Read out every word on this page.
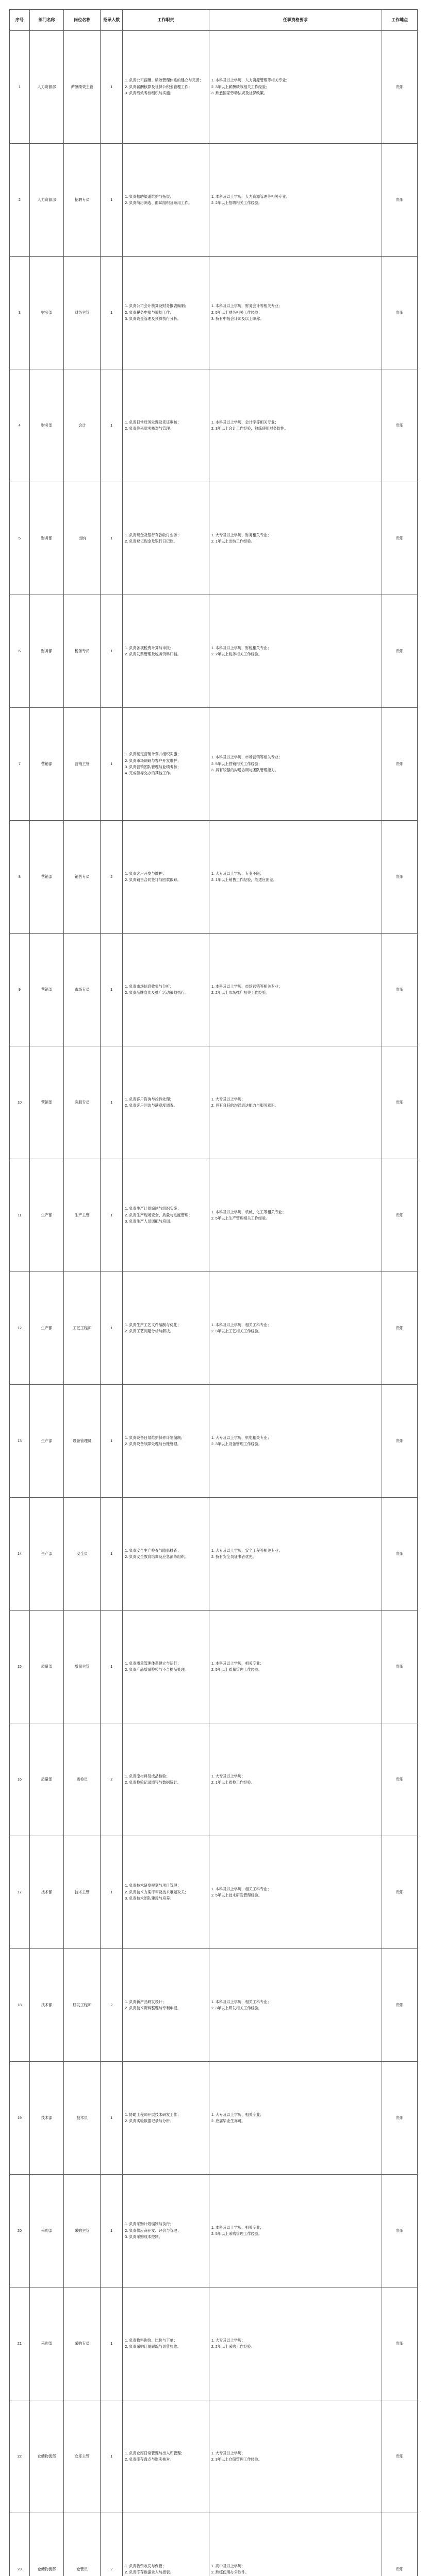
序号	部门名称	岗位名称	招录人数	工作职责	任职资格要求	工作地点
1	人力资源部	薪酬绩效主管	1	1. 负责公司薪酬、绩效管理体系的建立与完善；
2. 负责薪酬核算及社保公积金管理工作；
3. 负责绩效考核组织与实施。	1. 本科及以上学历，人力资源管理等相关专业；
2. 3年以上薪酬绩效相关工作经验；
3. 熟悉国家劳动法规及社保政策。	贵阳
2	人力资源部	招聘专员	1	1. 负责招聘渠道维护与拓展；
2. 负责简历筛选、面试组织及录用工作。	1. 本科及以上学历，人力资源管理等相关专业；
2. 2年以上招聘相关工作经验。	贵阳
3	财务部	财务主管	1	1. 负责公司会计核算及财务报表编制；
2. 负责税务申报与筹划工作；
3. 负责资金管理及预算执行分析。	1. 本科及以上学历，财务会计等相关专业；
2. 5年以上财务相关工作经验；
3. 持有中级会计师及以上职称。	贵阳
4	财务部	会计	1	1. 负责日常账务处理及凭证审核；
2. 负责往来款项核对与管理。	1. 本科及以上学历，会计学等相关专业；
2. 3年以上会计工作经验，熟练使用财务软件。	贵阳
5	财务部	出纳	1	1. 负责现金及银行存款收付业务；
2. 负责登记现金及银行日记账。	1. 大专及以上学历，财务相关专业；
2. 1年以上出纳工作经验。	贵阳
6	财务部	税务专员	1	1. 负责各项税费计算与申报；
2. 负责发票管理及税务资料归档。	1. 本科及以上学历，财税相关专业；
2. 2年以上税务相关工作经验。	贵阳
7	营销部	营销主管	1	1. 负责制定营销计划并组织实施；
2. 负责市场调研与客户开发维护；
3. 负责营销团队管理与业绩考核；
4. 完成领导交办的其他工作。	1. 本科及以上学历，市场营销等相关专业；
2. 5年以上营销相关工作经验；
3. 具有较强的沟通协调与团队管理能力。	贵阳
8	营销部	销售专员	2	1. 负责客户开发与维护；
2. 负责销售合同签订与回款跟踪。	1. 大专及以上学历，专业不限；
2. 1年以上销售工作经验，能适应出差。	贵阳
9	营销部	市场专员	1	1. 负责市场信息收集与分析；
2. 负责品牌宣传及推广活动策划执行。	1. 本科及以上学历，市场营销等相关专业；
2. 2年以上市场推广相关工作经验。	贵阳
10	营销部	客服专员	1	1. 负责客户咨询与投诉处理；
2. 负责客户回访与满意度调查。	1. 大专及以上学历；
2. 具有良好的沟通表达能力与服务意识。	贵阳
11	生产部	生产主管	1	1. 负责生产计划编制与组织实施；
2. 负责生产现场安全、质量与进度管理；
3. 负责生产人员调配与培训。	1. 本科及以上学历，机械、化工等相关专业；
2. 5年以上生产管理相关工作经验。	贵阳
12	生产部	工艺工程师	1	1. 负责生产工艺文件编制与优化；
2. 负责工艺问题分析与解决。	1. 本科及以上学历，相关工科专业；
2. 3年以上工艺相关工作经验。	贵阳
13	生产部	设备管理员	1	1. 负责设备日常维护保养计划编制；
2. 负责设备故障处理与台账管理。	1. 大专及以上学历，机电相关专业；
2. 3年以上设备管理工作经验。	贵阳
14	生产部	安全员	1	1. 负责安全生产检查与隐患排查；
2. 负责安全教育培训及应急演练组织。	1. 大专及以上学历，安全工程等相关专业；
2. 持有安全员证书者优先。	贵阳
15	质量部	质量主管	1	1. 负责质量管理体系建立与运行；
2. 负责产品质量检验与不合格品处理。	1. 本科及以上学历，相关专业；
2. 5年以上质量管理工作经验。	贵阳
16	质量部	质检员	2	1. 负责原材料及成品检验；
2. 负责检验记录填写与数据统计。	1. 大专及以上学历；
2. 1年以上质检工作经验。	贵阳
17	技术部	技术主管	1	1. 负责技术研发规划与项目管理；
2. 负责技术方案评审及技术难题攻关；
3. 负责技术团队建设与培养。	1. 本科及以上学历，相关工科专业；
2. 5年以上技术研发管理经验。	贵阳
18	技术部	研发工程师	2	1. 负责新产品研发设计；
2. 负责技术资料整理与专利申报。	1. 本科及以上学历，相关工科专业；
2. 3年以上研发相关工作经验。	贵阳
19	技术部	技术员	1	1. 协助工程师开展技术研发工作；
2. 负责实验数据记录与分析。	1. 大专及以上学历，相关专业；
2. 应届毕业生亦可。	贵阳
20	采购部	采购主管	1	1. 负责采购计划编制与执行；
2. 负责供应商开发、评价与管理；
3. 负责采购成本控制。	1. 本科及以上学历，相关专业；
2. 5年以上采购管理工作经验。	贵阳
21	采购部	采购专员	1	1. 负责物料询价、比价与下单；
2. 负责采购订单跟踪与到货验收。	1. 大专及以上学历；
2. 2年以上采购工作经验。	贵阳
22	仓储物流部	仓库主管	1	1. 负责仓库日常管理与出入库管理；
2. 负责库存盘点与账实核对。	1. 大专及以上学历；
2. 3年以上仓储管理工作经验。	贵阳
23	仓储物流部	仓管员	2	1. 负责物资收发与保管；
2. 负责库存数据录入与报表。	1. 高中及以上学历；
2. 熟练使用办公软件。	贵阳
